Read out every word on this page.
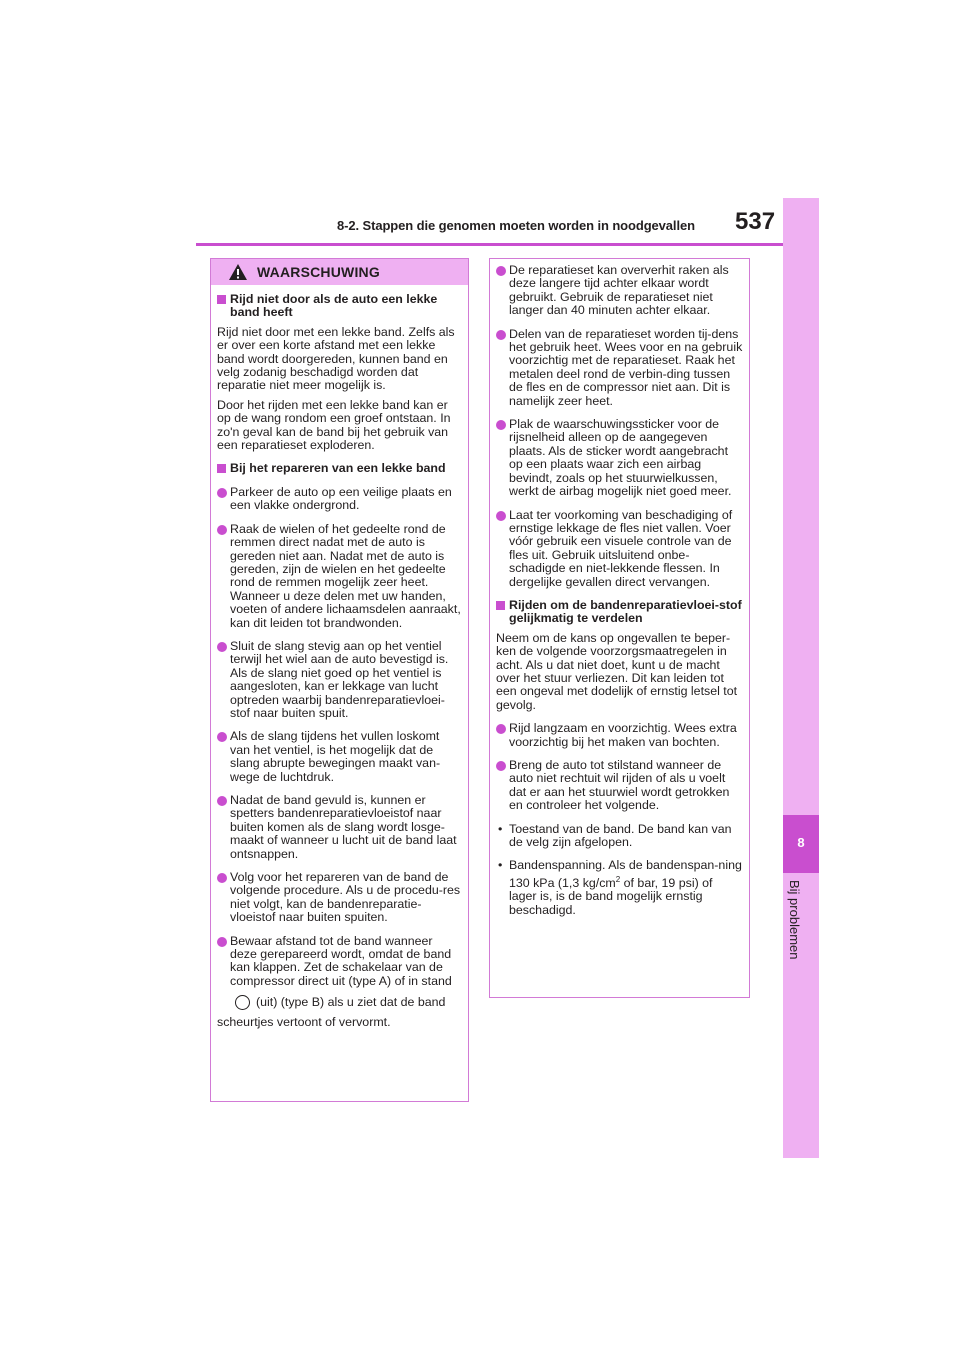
8-2. Stappen die genomen moeten worden in noodgevallen 537
8
Bij problemen
WAARSCHUWING
Rijd niet door als de auto een lekke band heeft

Rijd niet door met een lekke band. Zelfs als er over een korte afstand met een lekke band wordt doorgereden, kunnen band en velg zodanig beschadigd worden dat reparatie niet meer mogelijk is.

Door het rijden met een lekke band kan er op de wang rondom een groef ontstaan. In zo'n geval kan de band bij het gebruik van een reparatieset exploderen.

Bij het repareren van een lekke band
Parkeer de auto op een veilige plaats en een vlakke ondergrond.
Raak de wielen of het gedeelte rond de remmen direct nadat met de auto is gereden niet aan. Nadat met de auto is gereden, zijn de wielen en het gedeelte rond de remmen mogelijk zeer heet. Wanneer u deze delen met uw handen, voeten of andere lichaamsdelen aanraakt, kan dit leiden tot brandwonden.
Sluit de slang stevig aan op het ventiel terwijl het wiel aan de auto bevestigd is. Als de slang niet goed op het ventiel is aangesloten, kan er lekkage van lucht optreden waarbij bandenreparatievloei-stof naar buiten spuit.
Als de slang tijdens het vullen loskomt van het ventiel, is het mogelijk dat de slang abrupte bewegingen maakt van-wege de luchtdruk.
Nadat de band gevuld is, kunnen er spetters bandenreparatievloeistof naar buiten komen als de slang wordt losge-maakt of wanneer u lucht uit de band laat ontsnappen.
Volg voor het repareren van de band de volgende procedure. Als u de procedu-res niet volgt, kan de bandenreparatie-vloeistof naar buiten spuiten.
Bewaar afstand tot de band wanneer deze gerepareerd wordt, omdat de band kan klappen. Zet de schakelaar van de compressor direct uit (type A) of in stand
(uit) (type B) als u ziet dat de band scheurtjes vertoont of vervormt.
De reparatieset kan oververhit raken als deze langere tijd achter elkaar wordt gebruikt. Gebruik de reparatieset niet langer dan 40 minuten achter elkaar.
Delen van de reparatieset worden tij-dens het gebruik heet. Wees voor en na gebruik voorzichtig met de reparatieset. Raak het metalen deel rond de verbin-ding tussen de fles en de compressor niet aan. Dit is namelijk zeer heet.
Plak de waarschuwingssticker voor de rijsnelheid alleen op de aangegeven plaats. Als de sticker wordt aangebracht op een plaats waar zich een airbag bevindt, zoals op het stuurwielkussen, werkt de airbag mogelijk niet goed meer.
Laat ter voorkoming van beschadiging of ernstige lekkage de fles niet vallen. Voer vóór gebruik een visuele controle van de fles uit. Gebruik uitsluitend onbe-schadigde en niet-lekkende flessen. In dergelijke gevallen direct vervangen.
Rijden om de bandenreparatievloei-stof gelijkmatig te verdelen

Neem om de kans op ongevallen te beper-ken de volgende voorzorgsmaatregelen in acht. Als u dat niet doet, kunt u de macht over het stuur verliezen. Dit kan leiden tot een ongeval met dodelijk of ernstig letsel tot gevolg.

Rijd langzaam en voorzichtig. Wees extra voorzichtig bij het maken van bochten.
Breng de auto tot stilstand wanneer de auto niet rechtuit wil rijden of als u voelt dat er aan het stuurwiel wordt getrokken en controleer het volgende.
• Toestand van de band. De band kan van de velg zijn afgelopen.
• Bandenspanning. Als de bandenspan-ning 130 kPa (1,3 $kg/cm^2$ of bar, 19 psi) of lager is, is de band mogelijk ernstig beschadigd.
